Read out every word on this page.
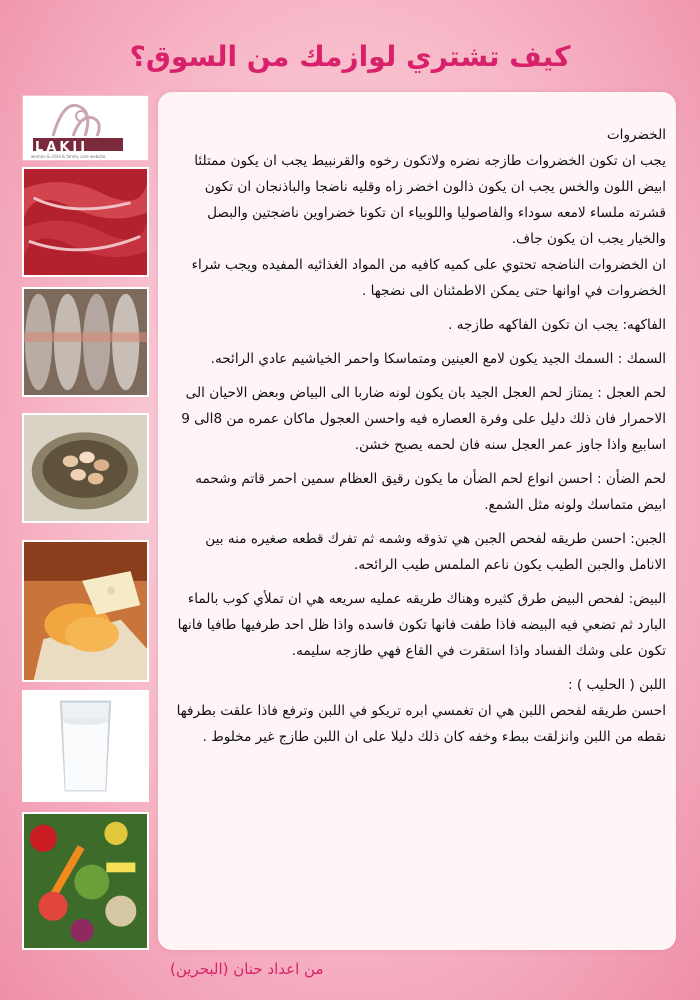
كيف تشتري لوازمك من السوق؟
LAKII
woman & child & family care website

الخضروات

يجب ان تكون الخضروات طازجه نضره ولاتكون رخوه والقرنبيط يجب ان يكون ممتلئا ابيض اللون والخس يجب ان يكون ذالون اخضر زاه وقليه ناضجا والباذنجان ان تكون قشرته ملساء لامعه سوداء والفاصوليا واللوبياء ان تكونا خضراوين ناضجتين والبصل والخيار يجب ان يكون جاف.

ان الخضروات الناضجه تحتوي على كميه كافيه من المواد الغذائيه المفيده ويجب شراء الخضروات في اوانها حتى يمكن الاطمئنان الى نضجها .

الفاكهه: يجب ان تكون الفاكهه طازجه .

السمك : السمك الجيد يكون لامع العينين ومتماسكا واحمر الخياشيم عادي الرائحه.

لحم العجل : يمتاز لحم العجل الجيد بان يكون لونه ضاربا الى البياض وبعض الاحيان الى الاحمرار فان ذلك دليل على وفرة العصاره فيه واحسن العجول ماكان عمره من 8الى 9 اسابيع واذا جاوز عمر العجل سنه فان لحمه يصبح خشن.

لحم الضأن : احسن انواع لحم الضأن ما يكون رقيق العظام سمين احمر قاتم وشحمه ابيض متماسك ولونه مثل الشمع.

الجبن: احسن طريقه لفحص الجبن هي تذوقه وشمه ثم تفرك قطعه صغيره منه بين الانامل والجبن الطيب يكون ناعم الملمس طيب الرائحه.

البيض: لفحص البيض طرق كثيره وهناك طريقه عمليه سريعه هي ان تملأي كوب بالماء البارد ثم تضعي فيه البيضه فاذا طفت فانها تكون فاسده واذا ظل احد طرفيها طافيا فانها تكون على وشك الفساد واذا استقرت في القاع فهي طازجه سليمه.

اللبن ( الحليب ) :

احسن طريقه لفحص اللبن هي ان تغمسي ابره تريكو في اللبن وترفع فاذا علقت بطرفها نقطه من اللبن وانزلقت ببطء وخفه كان ذلك دليلا على ان اللبن طازج غير مخلوط .

من اعداد حنان (البحرين)
